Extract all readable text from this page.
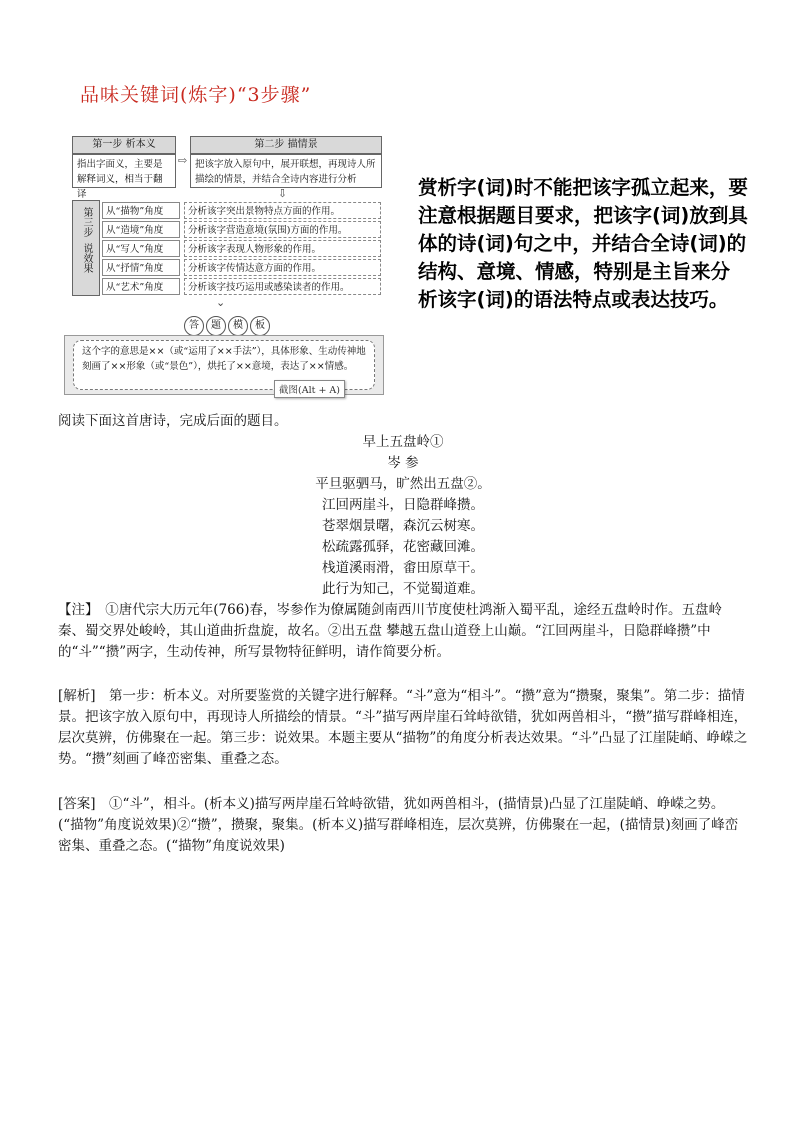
品味关键词(炼字)“3步骤”
第一步 析本义
指出字面义，主要是解释词义，相当于翻译
⇨
第二步 描情景
把该字放入原句中，展开联想，再现诗人所描绘的情景，并结合全诗内容进行分析
⇩
第三步
说效果
从“描物”角度	分析该字突出景物特点方面的作用。
从“造境”角度	分析该字营造意境(氛围)方面的作用。
从“写人”角度	分析该字表现人物形象的作用。
从“抒情”角度	分析该字传情达意方面的作用。
从“艺术”角度	分析该字技巧运用或感染读者的作用。
⌄
答	题	模	板
这个字的意思是××（或“运用了××手法”），具体形象、生动传神地刻画了××形象（或“景色”），烘托了××意境，表达了××情感。
截图(Alt + A)
赏析字(词)时不能把该字孤立起来，要注意根据题目要求，把该字(词)放到具体的诗(词)句之中，并结合全诗(词)的结构、意境、情感，特别是主旨来分析该字(词)的语法特点或表达技巧。
阅读下面这首唐诗，完成后面的题目。
早上五盘岭①
岑 参
平旦驱驷马，旷然出五盘②。
江回两崖斗，日隐群峰攒。
苍翠烟景曙，森沉云树寒。
松疏露孤驿，花密藏回滩。
栈道溪雨滑，畬田原草干。
此行为知己，不觉蜀道难。
【注】　①唐代宗大历元年(766)春，岑参作为僚属随剑南西川节度使杜鸿渐入蜀平乱，途经五盘岭时作。五盘岭 秦、蜀交界处峻岭，其山道曲折盘旋，故名。②出五盘 攀越五盘山道登上山巅。“江回两崖斗，日隐群峰攒”中的“斗”“攒”两字，生动传神，所写景物特征鲜明，请作简要分析。
[解析]　第一步：析本义。对所要鉴赏的关键字进行解释。“斗”意为“相斗”。“攒”意为“攒聚，聚集”。第二步：描情景。把该字放入原句中，再现诗人所描绘的情景。“斗”描写两岸崖石耸峙欲错，犹如两兽相斗，“攒”描写群峰相连，层次莫辨，仿佛聚在一起。第三步：说效果。本题主要从“描物”的角度分析表达效果。“斗”凸显了江崖陡峭、峥嵘之势。“攒”刻画了峰峦密集、重叠之态。
[答案]　①“斗”，相斗。(析本义)描写两岸崖石耸峙欲错，犹如两兽相斗，(描情景)凸显了江崖陡峭、峥嵘之势。(“描物”角度说效果)②“攒”，攒聚，聚集。(析本义)描写群峰相连，层次莫辨，仿佛聚在一起，(描情景)刻画了峰峦密集、重叠之态。(“描物”角度说效果)
